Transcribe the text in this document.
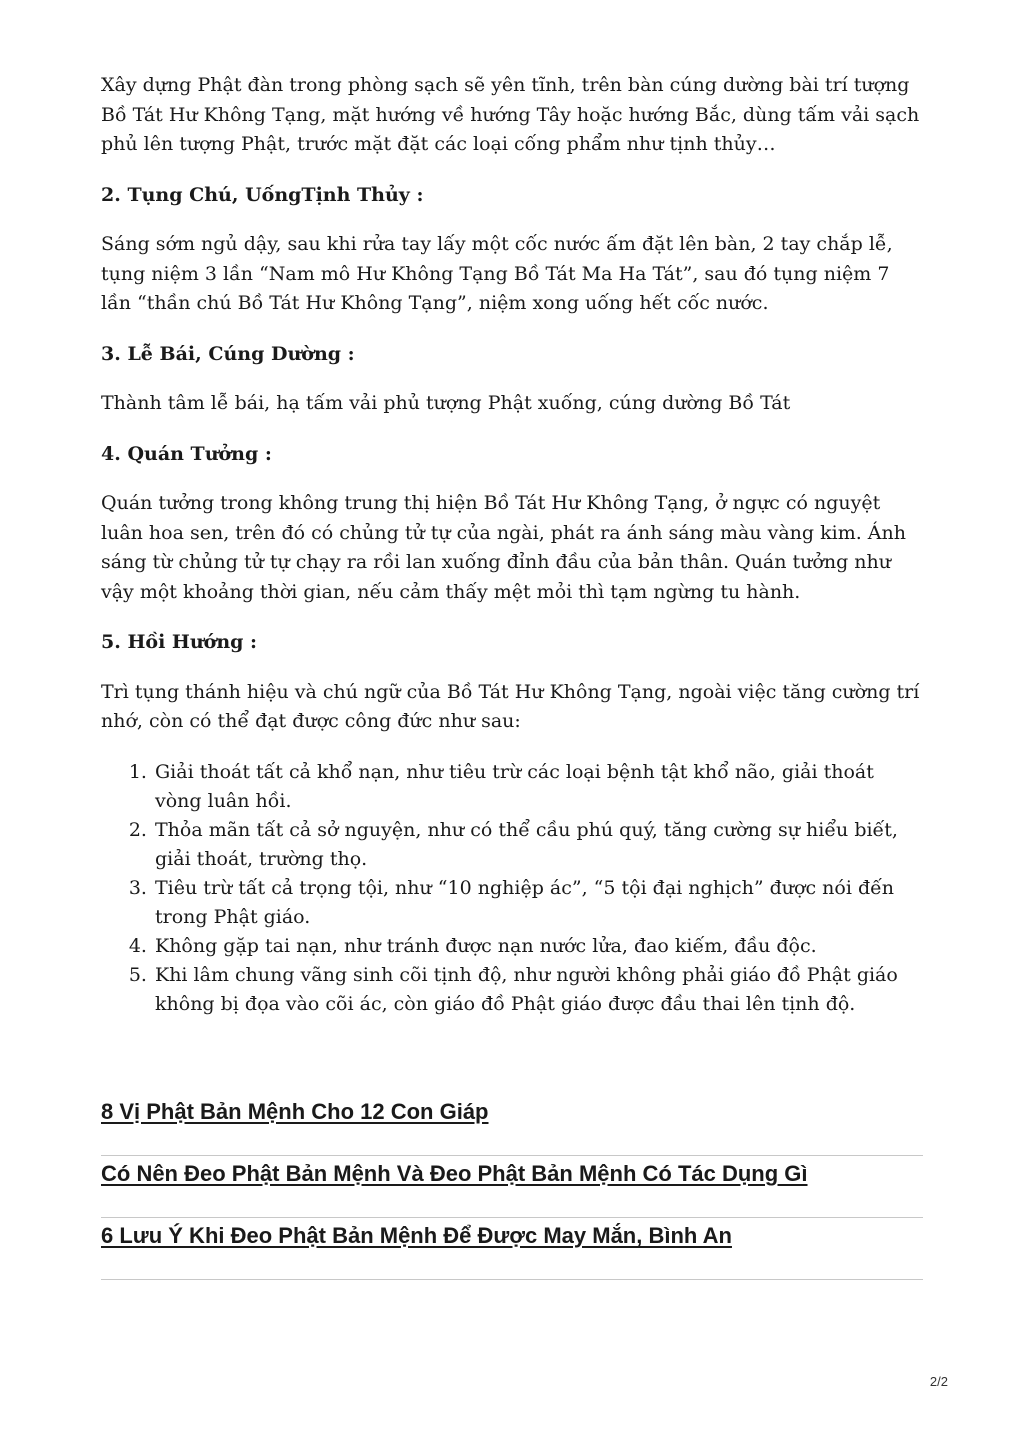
Xây dựng Phật đàn trong phòng sạch sẽ yên tĩnh, trên bàn cúng dường bài trí tượng Bồ Tát Hư Không Tạng, mặt hướng về hướng Tây hoặc hướng Bắc, dùng tấm vải sạch phủ lên tượng Phật, trước mặt đặt các loại cống phẩm như tịnh thủy…

2. Tụng Chú, UốngTịnh Thủy :

Sáng sớm ngủ dậy, sau khi rửa tay lấy một cốc nước ấm đặt lên bàn, 2 tay chắp lễ, tụng niệm 3 lần “Nam mô Hư Không Tạng Bồ Tát Ma Ha Tát”, sau đó tụng niệm 7 lần “thần chú Bồ Tát Hư Không Tạng”, niệm xong uống hết cốc nước.

3. Lễ Bái, Cúng Dường :

Thành tâm lễ bái, hạ tấm vải phủ tượng Phật xuống, cúng dường Bồ Tát

4. Quán Tưởng :

Quán tưởng trong không trung thị hiện Bồ Tát Hư Không Tạng, ở ngực có nguyệt luân hoa sen, trên đó có chủng tử tự của ngài, phát ra ánh sáng màu vàng kim. Ánh sáng từ chủng tử tự chạy ra rồi lan xuống đỉnh đầu của bản thân. Quán tưởng như vậy một khoảng thời gian, nếu cảm thấy mệt mỏi thì tạm ngừng tu hành.

5. Hồi Hướng :

Trì tụng thánh hiệu và chú ngữ của Bồ Tát Hư Không Tạng, ngoài việc tăng cường trí nhớ, còn có thể đạt được công đức như sau:

1. Giải thoát tất cả khổ nạn, như tiêu trừ các loại bệnh tật khổ não, giải thoát vòng luân hồi.
2. Thỏa mãn tất cả sở nguyện, như có thể cầu phú quý, tăng cường sự hiểu biết, giải thoát, trường thọ.
3. Tiêu trừ tất cả trọng tội, như “10 nghiệp ác”, “5 tội đại nghịch” được nói đến trong Phật giáo.
4. Không gặp tai nạn, như tránh được nạn nước lửa, đao kiếm, đầu độc.
5. Khi lâm chung vãng sinh cõi tịnh độ, như người không phải giáo đồ Phật giáo không bị đọa vào cõi ác, còn giáo đồ Phật giáo được đầu thai lên tịnh độ.
8 Vị Phật Bản Mệnh Cho 12 Con Giáp
Có Nên Đeo Phật Bản Mệnh Và Đeo Phật Bản Mệnh Có Tác Dụng Gì
6 Lưu Ý Khi Đeo Phật Bản Mệnh Để Được May Mắn, Bình An
2/2
